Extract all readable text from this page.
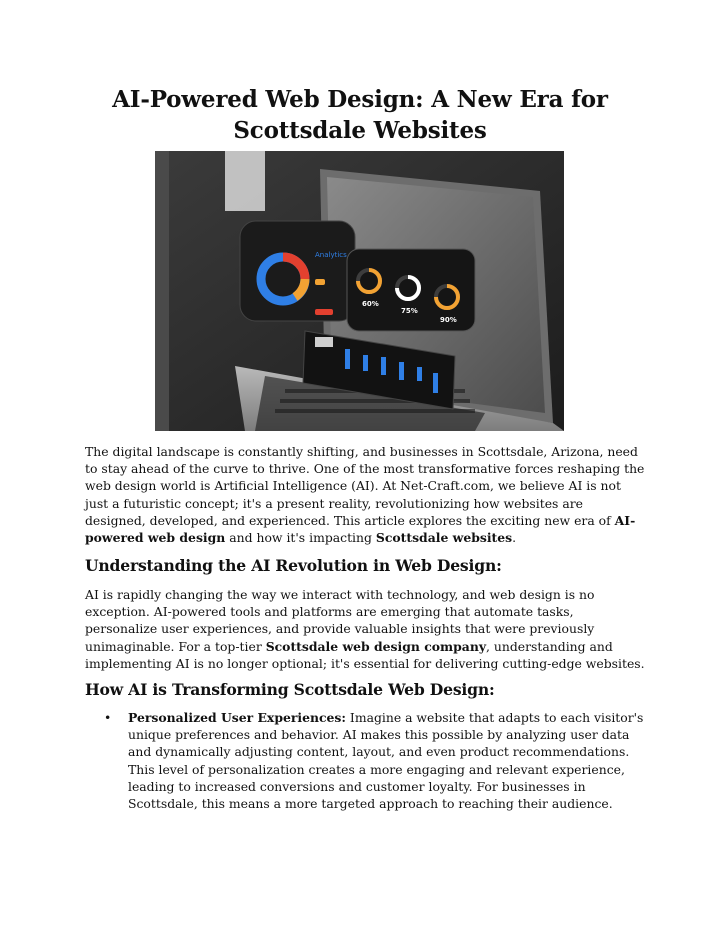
AI-Powered Web Design: A New Era for Scottsdale Websites
Analytics
60%
75%
90%

The digital landscape is constantly shifting, and businesses in Scottsdale, Arizona, need to stay ahead of the curve to thrive. One of the most transformative forces reshaping the web design world is Artificial Intelligence (AI). At Net-Craft.com, we believe AI is not just a futuristic concept; it's a present reality, revolutionizing how websites are designed, developed, and experienced. This article explores the exciting new era of AI-powered web design and how it's impacting Scottsdale websites.

Understanding the AI Revolution in Web Design:

AI is rapidly changing the way we interact with technology, and web design is no exception. AI-powered tools and platforms are emerging that automate tasks, personalize user experiences, and provide valuable insights that were previously unimaginable. For a top-tier Scottsdale web design company, understanding and implementing AI is no longer optional; it's essential for delivering cutting-edge websites.

How AI is Transforming Scottsdale Web Design:
• Personalized User Experiences: Imagine a website that adapts to each visitor's unique preferences and behavior. AI makes this possible by analyzing user data and dynamically adjusting content, layout, and even product recommendations. This level of personalization creates a more engaging and relevant experience, leading to increased conversions and customer loyalty. For businesses in Scottsdale, this means a more targeted approach to reaching their audience.
